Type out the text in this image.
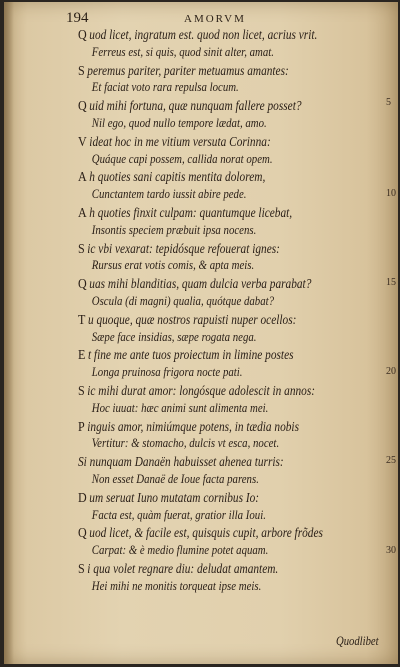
194	AMORVM
Q uod licet, ingratum est. quod non licet, acrius vrit.
Ferreus est, si quis, quod sinit alter, amat.
S peremus pariter, pariter metuamus amantes:
Et faciat voto rara repulsa locum.
Q uid mihi fortuna, quæ nunquam fallere posset?
Nil ego, quod nullo tempore lædat, amo.
V ideat hoc in me vitium versuta Corinna:
Quáque capi possem, callida norat opem.
A h quoties sani capitis mentita dolorem,
Cunctantem tardo iussit abire pede.
A h quoties finxit culpam: quantumque licebat,
Insontis speciem præbuit ipsa nocens.
S ic vbi vexarat: tepidósque refouerat ignes:
Rursus erat votis comis, & apta meis.
Q uas mihi blanditias, quam dulcia verba parabat?
Oscula (di magni) qualia, quótque dabat?
T u quoque, quæ nostros rapuisti nuper ocellos:
Sæpe face insidias, sæpe rogata nega.
E t fine me ante tuos proiectum in limine postes
Longa pruinosa frigora nocte pati.
S ic mihi durat amor: longósque adolescit in annos:
Hoc iuuat: hæc animi sunt alimenta mei.
P inguis amor, nimiúmque potens, in tædia nobis
Vertitur: & stomacho, dulcis vt esca, nocet.
Si nunquam Danaën habuisset ahenea turris:
Non esset Danaë de Ioue facta parens.
D um seruat Iuno mutatam cornibus Io:
Facta est, quàm fuerat, gratior illa Ioui.
Q uod licet, & facile est, quisquis cupit, arbore frõdes
Carpat: & è medio flumine potet aquam.
S i qua volet regnare diu: deludat amantem.
Hei mihi ne monitis torqueat ipse meis.
5
10
15
20
25
30
Quodlibet
